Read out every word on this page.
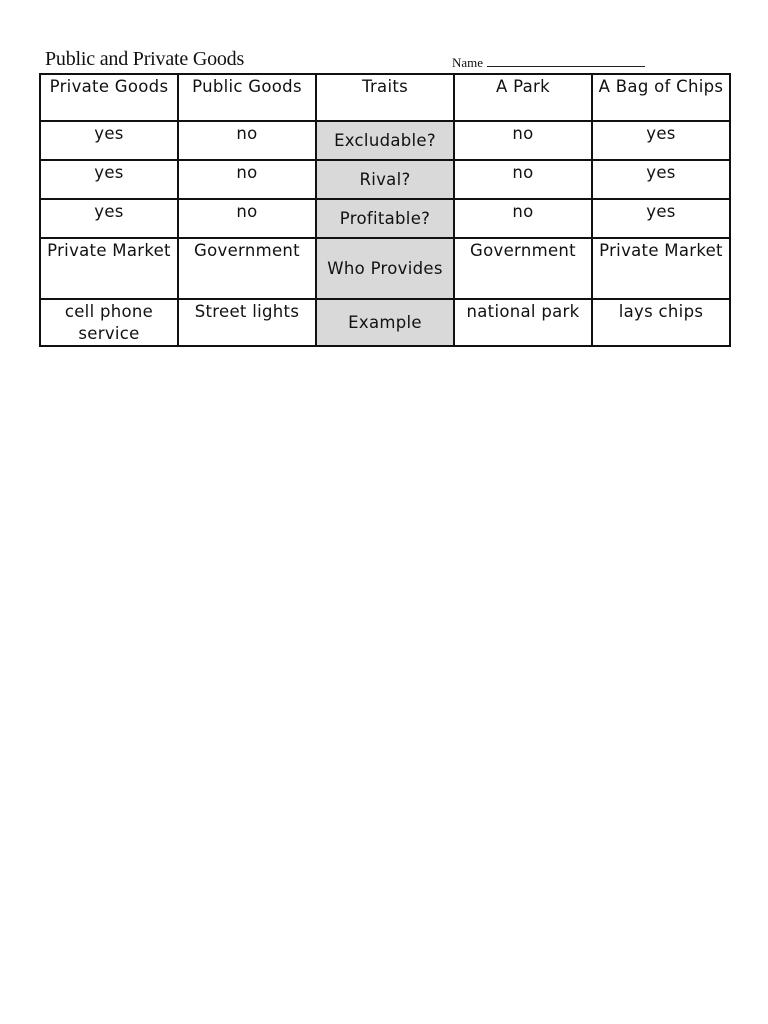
Public and Private Goods	Name
Private Goods	Public Goods	Traits	A Park	A Bag of Chips
yes	no	Excludable?	no	yes
yes	no	Rival?	no	yes
yes	no	Profitable?	no	yes
Private Market	Government	Who Provides	Government	Private Market
cell phone service	Street lights	Example	national park	lays chips
